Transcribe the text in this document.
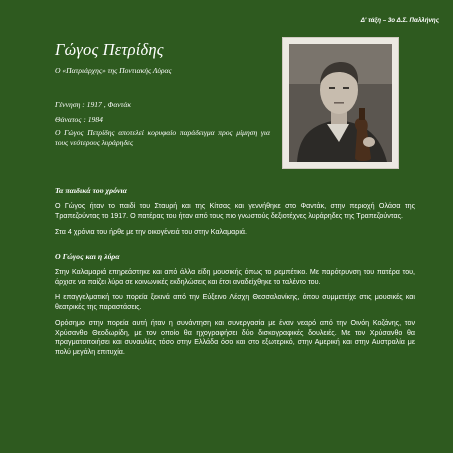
Δ' τάξη – 3ο Δ.Σ. Παλλήνης
Γώγος Πετρίδης
Ο «Πατριάρχης» της Ποντιακής Λύρας
Γέννηση : 1917 , Φαντάκ
Θάνατος : 1984
Ο Γώγος Πετρίδης αποτελεί κορυφαίο παράδειγμα προς μίμηση για τους νεότερους λυράρηδες
Τα παιδικά του χρόνια

Ο Γώγος ήταν το παιδί του Σταυρή και της Κίτσας και γεννήθηκε στο Φαντάκ, στην περιοχή Ολάσα της Τραπεζούντας το 1917. Ο πατέρας του ήταν από τους πιο γνωστούς δεξιοτέχνες λυράρηδες της Τραπεζούντας.

Στα 4 χρόνια του ήρθε με την οικογένειά του στην Καλαμαριά.

Ο Γώγος και η λύρα

Στην Καλαμαριά επηρεάστηκε και από άλλα είδη μουσικής όπως το ρεμπέτικο. Με παρότρυνση του πατέρα του, άρχισε να παίζει λύρα σε κοινωνικές εκδηλώσεις και έτσι αναδείχθηκε το ταλέντο του.

Η επαγγελματική του πορεία ξεκινά από την Εύξεινο Λέσχη Θεσσαλονίκης, όπου συμμετείχε στις μουσικές και θεατρικές της παραστάσεις.

Ορόσημο στην πορεία αυτή ήταν η συνάντηση και συνεργασία με έναν νεαρό από την Οινόη Κοζάνης, τον Χρύσανθο Θεοδωρίδη, με τον οποίο θα ηχογραφήσει δύο δισκογραφικές δουλειές. Με τον Χρύσανθο θα πραγματοποιήσει και συναυλίες τόσο στην Ελλάδα όσο και στο εξωτερικό, στην Αμερική και στην Αυστραλία με πολύ μεγάλη επιτυχία.
